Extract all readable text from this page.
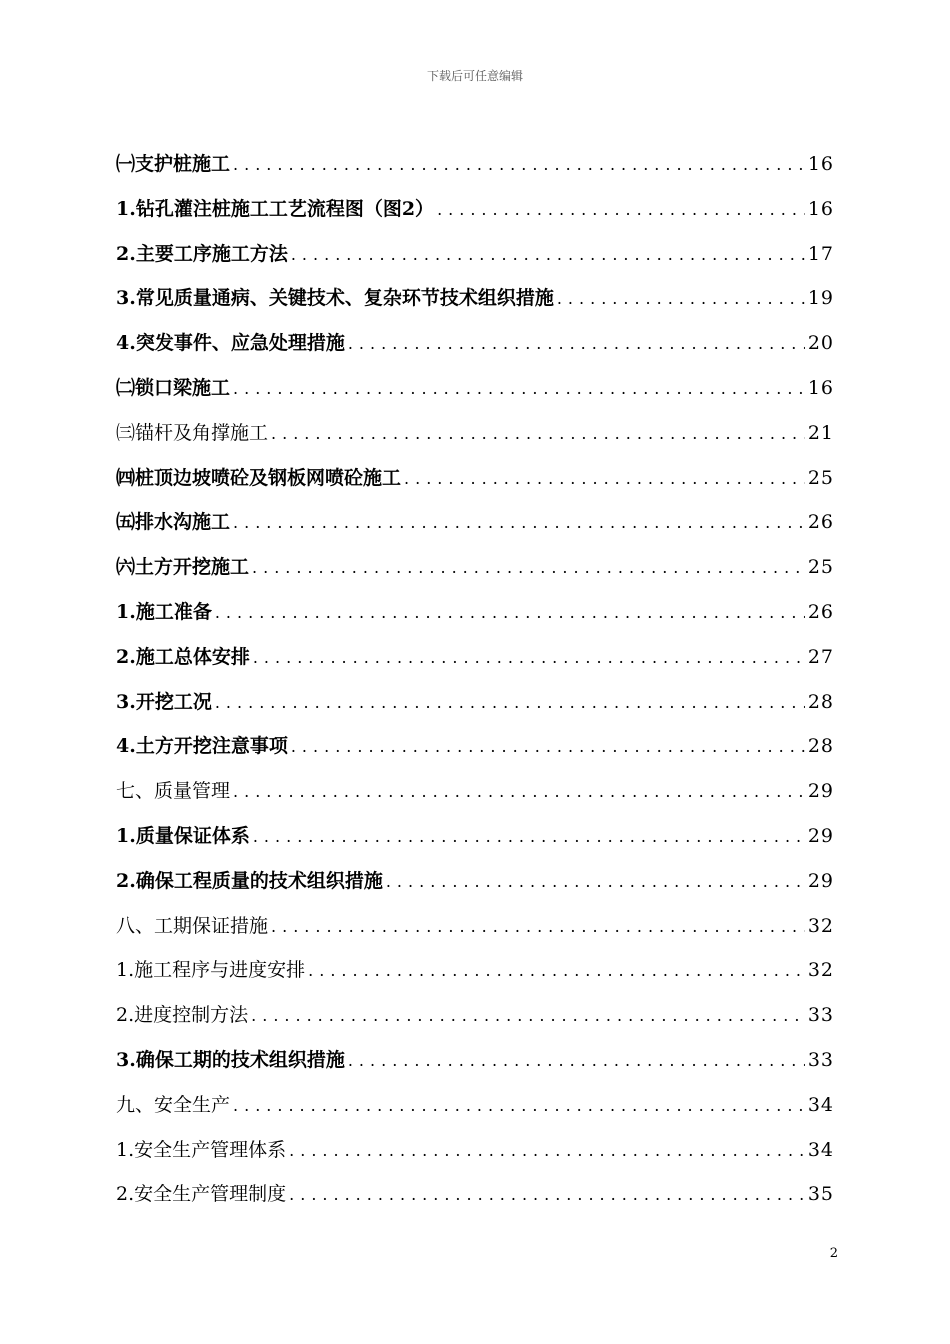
下载后可任意编辑
㈠支护桩施工 .....	16
1.钻孔灌注桩施工工艺流程图（图2） .....	16
2.主要工序施工方法 .....	17
3.常见质量通病、关键技术、复杂环节技术组织措施 .....	19
4.突发事件、应急处理措施 .....	20
㈡锁口梁施工 .....	16
㈢锚杆及角撑施工 .....	21
㈣桩顶边坡喷砼及钢板网喷砼施工 .....	25
㈤排水沟施工 .....	26
㈥土方开挖施工 .....	25
1.施工准备 .....	26
2.施工总体安排 .....	27
3.开挖工况 .....	28
4.土方开挖注意事项 .....	28
七、质量管理 .....	29
1.质量保证体系 .....	29
2.确保工程质量的技术组织措施 .....	29
八、工期保证措施 .....	32
1.施工程序与进度安排 .....	32
2.进度控制方法 .....	33
3.确保工期的技术组织措施 .....	33
九、安全生产 .....	34
1.安全生产管理体系 .....	34
2.安全生产管理制度 .....	35
2
